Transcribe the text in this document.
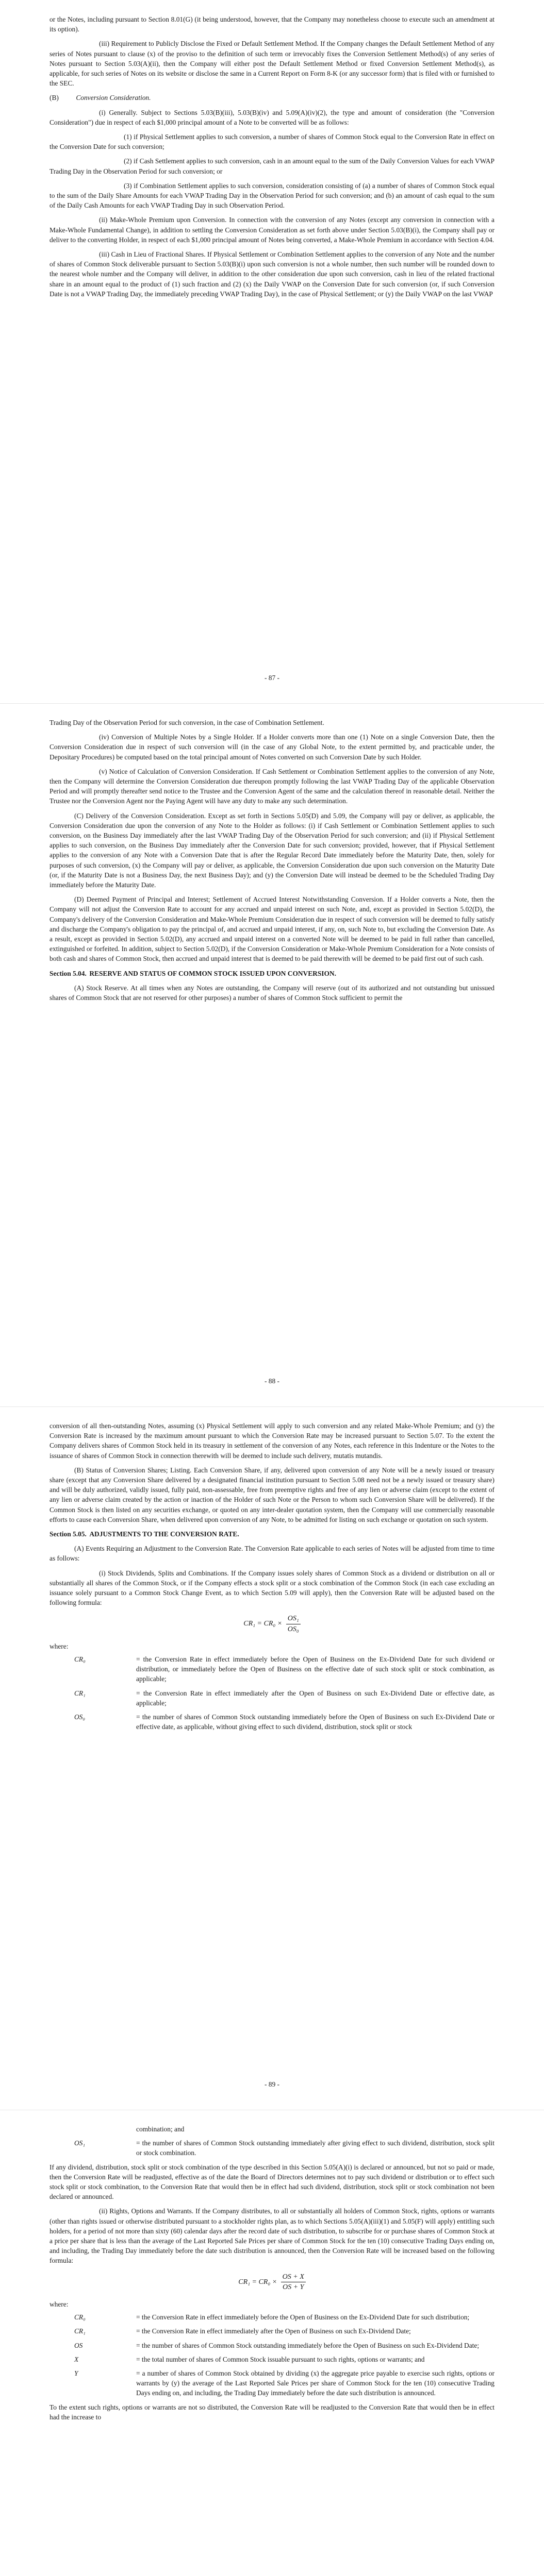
or the Notes, including pursuant to Section 8.01(G) (it being understood, however, that the Company may nonetheless choose to execute such an amendment at its option).

(iii) Requirement to Publicly Disclose the Fixed or Default Settlement Method. If the Company changes the Default Settlement Method of any series of Notes pursuant to clause (x) of the proviso to the definition of such term or irrevocably fixes the Conversion Settlement Method(s) of any series of Notes pursuant to Section 5.03(A)(ii), then the Company will either post the Default Settlement Method or fixed Conversion Settlement Method(s), as applicable, for such series of Notes on its website or disclose the same in a Current Report on Form 8-K (or any successor form) that is filed with or furnished to the SEC.

(B)	Conversion Consideration.

(i) Generally. Subject to Sections 5.03(B)(iii), 5.03(B)(iv) and 5.09(A)(iv)(2), the type and amount of consideration (the "Conversion Consideration") due in respect of each $1,000 principal amount of a Note to be converted will be as follows:

(1) if Physical Settlement applies to such conversion, a number of shares of Common Stock equal to the Conversion Rate in effect on the Conversion Date for such conversion;

(2) if Cash Settlement applies to such conversion, cash in an amount equal to the sum of the Daily Conversion Values for each VWAP Trading Day in the Observation Period for such conversion; or

(3) if Combination Settlement applies to such conversion, consideration consisting of (a) a number of shares of Common Stock equal to the sum of the Daily Share Amounts for each VWAP Trading Day in the Observation Period for such conversion; and (b) an amount of cash equal to the sum of the Daily Cash Amounts for each VWAP Trading Day in such Observation Period.

(ii) Make-Whole Premium upon Conversion. In connection with the conversion of any Notes (except any conversion in connection with a Make-Whole Fundamental Change), in addition to settling the Conversion Consideration as set forth above under Section 5.03(B)(i), the Company shall pay or deliver to the converting Holder, in respect of each $1,000 principal amount of Notes being converted, a Make-Whole Premium in accordance with Section 4.04.

(iii) Cash in Lieu of Fractional Shares. If Physical Settlement or Combination Settlement applies to the conversion of any Note and the number of shares of Common Stock deliverable pursuant to Section 5.03(B)(i) upon such conversion is not a whole number, then such number will be rounded down to the nearest whole number and the Company will deliver, in addition to the other consideration due upon such conversion, cash in lieu of the related fractional share in an amount equal to the product of (1) such fraction and (2) (x) the Daily VWAP on the Conversion Date for such conversion (or, if such Conversion Date is not a VWAP Trading Day, the immediately preceding VWAP Trading Day), in the case of Physical Settlement; or (y) the Daily VWAP on the last VWAP

- 87 -

Trading Day of the Observation Period for such conversion, in the case of Combination Settlement.

(iv) Conversion of Multiple Notes by a Single Holder. If a Holder converts more than one (1) Note on a single Conversion Date, then the Conversion Consideration due in respect of such conversion will (in the case of any Global Note, to the extent permitted by, and practicable under, the Depositary Procedures) be computed based on the total principal amount of Notes converted on such Conversion Date by such Holder.

(v) Notice of Calculation of Conversion Consideration. If Cash Settlement or Combination Settlement applies to the conversion of any Note, then the Company will determine the Conversion Consideration due thereupon promptly following the last VWAP Trading Day of the applicable Observation Period and will promptly thereafter send notice to the Trustee and the Conversion Agent of the same and the calculation thereof in reasonable detail. Neither the Trustee nor the Conversion Agent nor the Paying Agent will have any duty to make any such determination.

(C) Delivery of the Conversion Consideration. Except as set forth in Sections 5.05(D) and 5.09, the Company will pay or deliver, as applicable, the Conversion Consideration due upon the conversion of any Note to the Holder as follows: (i) if Cash Settlement or Combination Settlement applies to such conversion, on the Business Day immediately after the last VWAP Trading Day of the Observation Period for such conversion; and (ii) if Physical Settlement applies to such conversion, on the Business Day immediately after the Conversion Date for such conversion; provided, however, that if Physical Settlement applies to the conversion of any Note with a Conversion Date that is after the Regular Record Date immediately before the Maturity Date, then, solely for purposes of such conversion, (x) the Company will pay or deliver, as applicable, the Conversion Consideration due upon such conversion on the Maturity Date (or, if the Maturity Date is not a Business Day, the next Business Day); and (y) the Conversion Date will instead be deemed to be the Scheduled Trading Day immediately before the Maturity Date.

(D) Deemed Payment of Principal and Interest; Settlement of Accrued Interest Notwithstanding Conversion. If a Holder converts a Note, then the Company will not adjust the Conversion Rate to account for any accrued and unpaid interest on such Note, and, except as provided in Section 5.02(D), the Company's delivery of the Conversion Consideration and Make-Whole Premium Consideration due in respect of such conversion will be deemed to fully satisfy and discharge the Company's obligation to pay the principal of, and accrued and unpaid interest, if any, on, such Note to, but excluding the Conversion Date. As a result, except as provided in Section 5.02(D), any accrued and unpaid interest on a converted Note will be deemed to be paid in full rather than cancelled, extinguished or forfeited. In addition, subject to Section 5.02(D), if the Conversion Consideration or Make-Whole Premium Consideration for a Note consists of both cash and shares of Common Stock, then accrued and unpaid interest that is deemed to be paid therewith will be deemed to be paid first out of such cash.

Section 5.04. RESERVE AND STATUS OF COMMON STOCK ISSUED UPON CONVERSION.

(A) Stock Reserve. At all times when any Notes are outstanding, the Company will reserve (out of its authorized and not outstanding but unissued shares of Common Stock that are not reserved for other purposes) a number of shares of Common Stock sufficient to permit the

- 88 -

conversion of all then-outstanding Notes, assuming (x) Physical Settlement will apply to such conversion and any related Make-Whole Premium; and (y) the Conversion Rate is increased by the maximum amount pursuant to which the Conversion Rate may be increased pursuant to Section 5.07. To the extent the Company delivers shares of Common Stock held in its treasury in settlement of the conversion of any Notes, each reference in this Indenture or the Notes to the issuance of shares of Common Stock in connection therewith will be deemed to include such delivery, mutatis mutandis.

(B) Status of Conversion Shares; Listing. Each Conversion Share, if any, delivered upon conversion of any Note will be a newly issued or treasury share (except that any Conversion Share delivered by a designated financial institution pursuant to Section 5.08 need not be a newly issued or treasury share) and will be duly authorized, validly issued, fully paid, non-assessable, free from preemptive rights and free of any lien or adverse claim (except to the extent of any lien or adverse claim created by the action or inaction of the Holder of such Note or the Person to whom such Conversion Share will be delivered). If the Common Stock is then listed on any securities exchange, or quoted on any inter-dealer quotation system, then the Company will use commercially reasonable efforts to cause each Conversion Share, when delivered upon conversion of any Note, to be admitted for listing on such exchange or quotation on such system.

Section 5.05. ADJUSTMENTS TO THE CONVERSION RATE.

(A) Events Requiring an Adjustment to the Conversion Rate. The Conversion Rate applicable to each series of Notes will be adjusted from time to time as follows:

(i) Stock Dividends, Splits and Combinations. If the Company issues solely shares of Common Stock as a dividend or distribution on all or substantially all shares of the Common Stock, or if the Company effects a stock split or a stock combination of the Common Stock (in each case excluding an issuance solely pursuant to a Common Stock Change Event, as to which Section 5.09 will apply), then the Conversion Rate will be adjusted based on the following formula:

$CR_1 = CR_0 \times \frac{\text{OS₁}}{\text{OS₀}}$

where:

CR₀	= the Conversion Rate in effect immediately before the Open of Business on the Ex-Dividend Date for such dividend or distribution, or immediately before the Open of Business on the effective date of such stock split or stock combination, as applicable;
CR₁	= the Conversion Rate in effect immediately after the Open of Business on such Ex-Dividend Date or effective date, as applicable;
OS₀	= the number of shares of Common Stock outstanding immediately before the Open of Business on such Ex-Dividend Date or effective date, as applicable, without giving effect to such dividend, distribution, stock split or stock
- 89 -
combination; and
OS₁	= the number of shares of Common Stock outstanding immediately after giving effect to such dividend, distribution, stock split or stock combination.

If any dividend, distribution, stock split or stock combination of the type described in this Section 5.05(A)(i) is declared or announced, but not so paid or made, then the Conversion Rate will be readjusted, effective as of the date the Board of Directors determines not to pay such dividend or distribution or to effect such stock split or stock combination, to the Conversion Rate that would then be in effect had such dividend, distribution, stock split or stock combination not been declared or announced.

(ii) Rights, Options and Warrants. If the Company distributes, to all or substantially all holders of Common Stock, rights, options or warrants (other than rights issued or otherwise distributed pursuant to a stockholder rights plan, as to which Sections 5.05(A)(iii)(1) and 5.05(F) will apply) entitling such holders, for a period of not more than sixty (60) calendar days after the record date of such distribution, to subscribe for or purchase shares of Common Stock at a price per share that is less than the average of the Last Reported Sale Prices per share of Common Stock for the ten (10) consecutive Trading Days ending on, and including, the Trading Day immediately before the date such distribution is announced, then the Conversion Rate will be increased based on the following formula:

$CR_1 = CR_0 \times \frac{OS + X}{OS + Y}$

where:

CR₀	= the Conversion Rate in effect immediately before the Open of Business on the Ex-Dividend Date for such distribution;
CR₁	= the Conversion Rate in effect immediately after the Open of Business on such Ex-Dividend Date;
OS	= the number of shares of Common Stock outstanding immediately before the Open of Business on such Ex-Dividend Date;
X	= the total number of shares of Common Stock issuable pursuant to such rights, options or warrants; and
Y	= a number of shares of Common Stock obtained by dividing (x) the aggregate price payable to exercise such rights, options or warrants by (y) the average of the Last Reported Sale Prices per share of Common Stock for the ten (10) consecutive Trading Days ending on, and including, the Trading Day immediately before the date such distribution is announced.

To the extent such rights, options or warrants are not so distributed, the Conversion Rate will be readjusted to the Conversion Rate that would then be in effect had the increase to
